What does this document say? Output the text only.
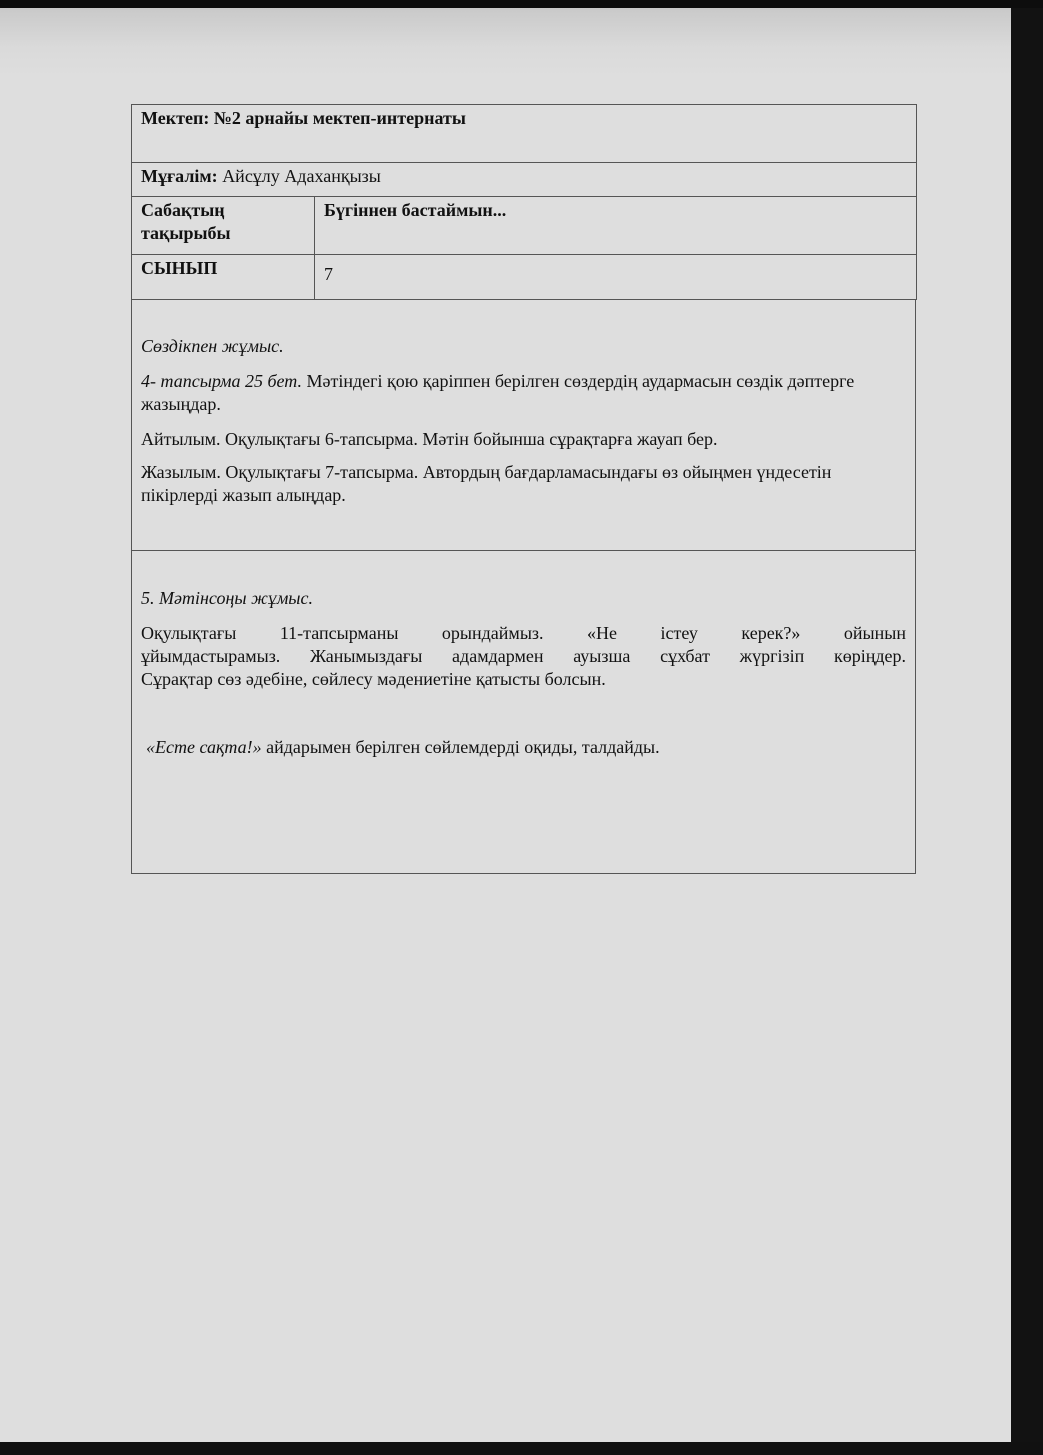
Мектеп: №2 арнайы мектеп-интернаты	
Мұғалім: Айсұлу Адаханқызы	
Сабақтың тақырыбы	Бүгіннен бастаймын...
СЫНЫП	7

Сөздікпен жұмыс.

4- тапсырма 25 бет. Мәтіндегі қою қаріппен берілген сөздердің аудармасын сөздік дәптерге жазыңдар.

Айтылым. Оқулықтағы 6-тапсырма. Мәтін бойынша сұрақтарға жауап бер.

Жазылым. Оқулықтағы 7-тапсырма. Автордың бағдарламасындағы өз ойыңмен үндесетін пікірлерді жазып алыңдар.

5. Мәтінсоңы жұмыс.

Оқулықтағы 11-тапсырманы орындаймыз. «Не істеу керек?» ойынын

ұйымдастырамыз. Жанымыздағы адамдармен ауызша сұхбат жүргізіп көріңдер.

Сұрақтар сөз әдебіне, сөйлесу мәдениетіне қатысты болсын.

«Есте сақта!» айдарымен берілген сөйлемдерді оқиды, талдайды.
